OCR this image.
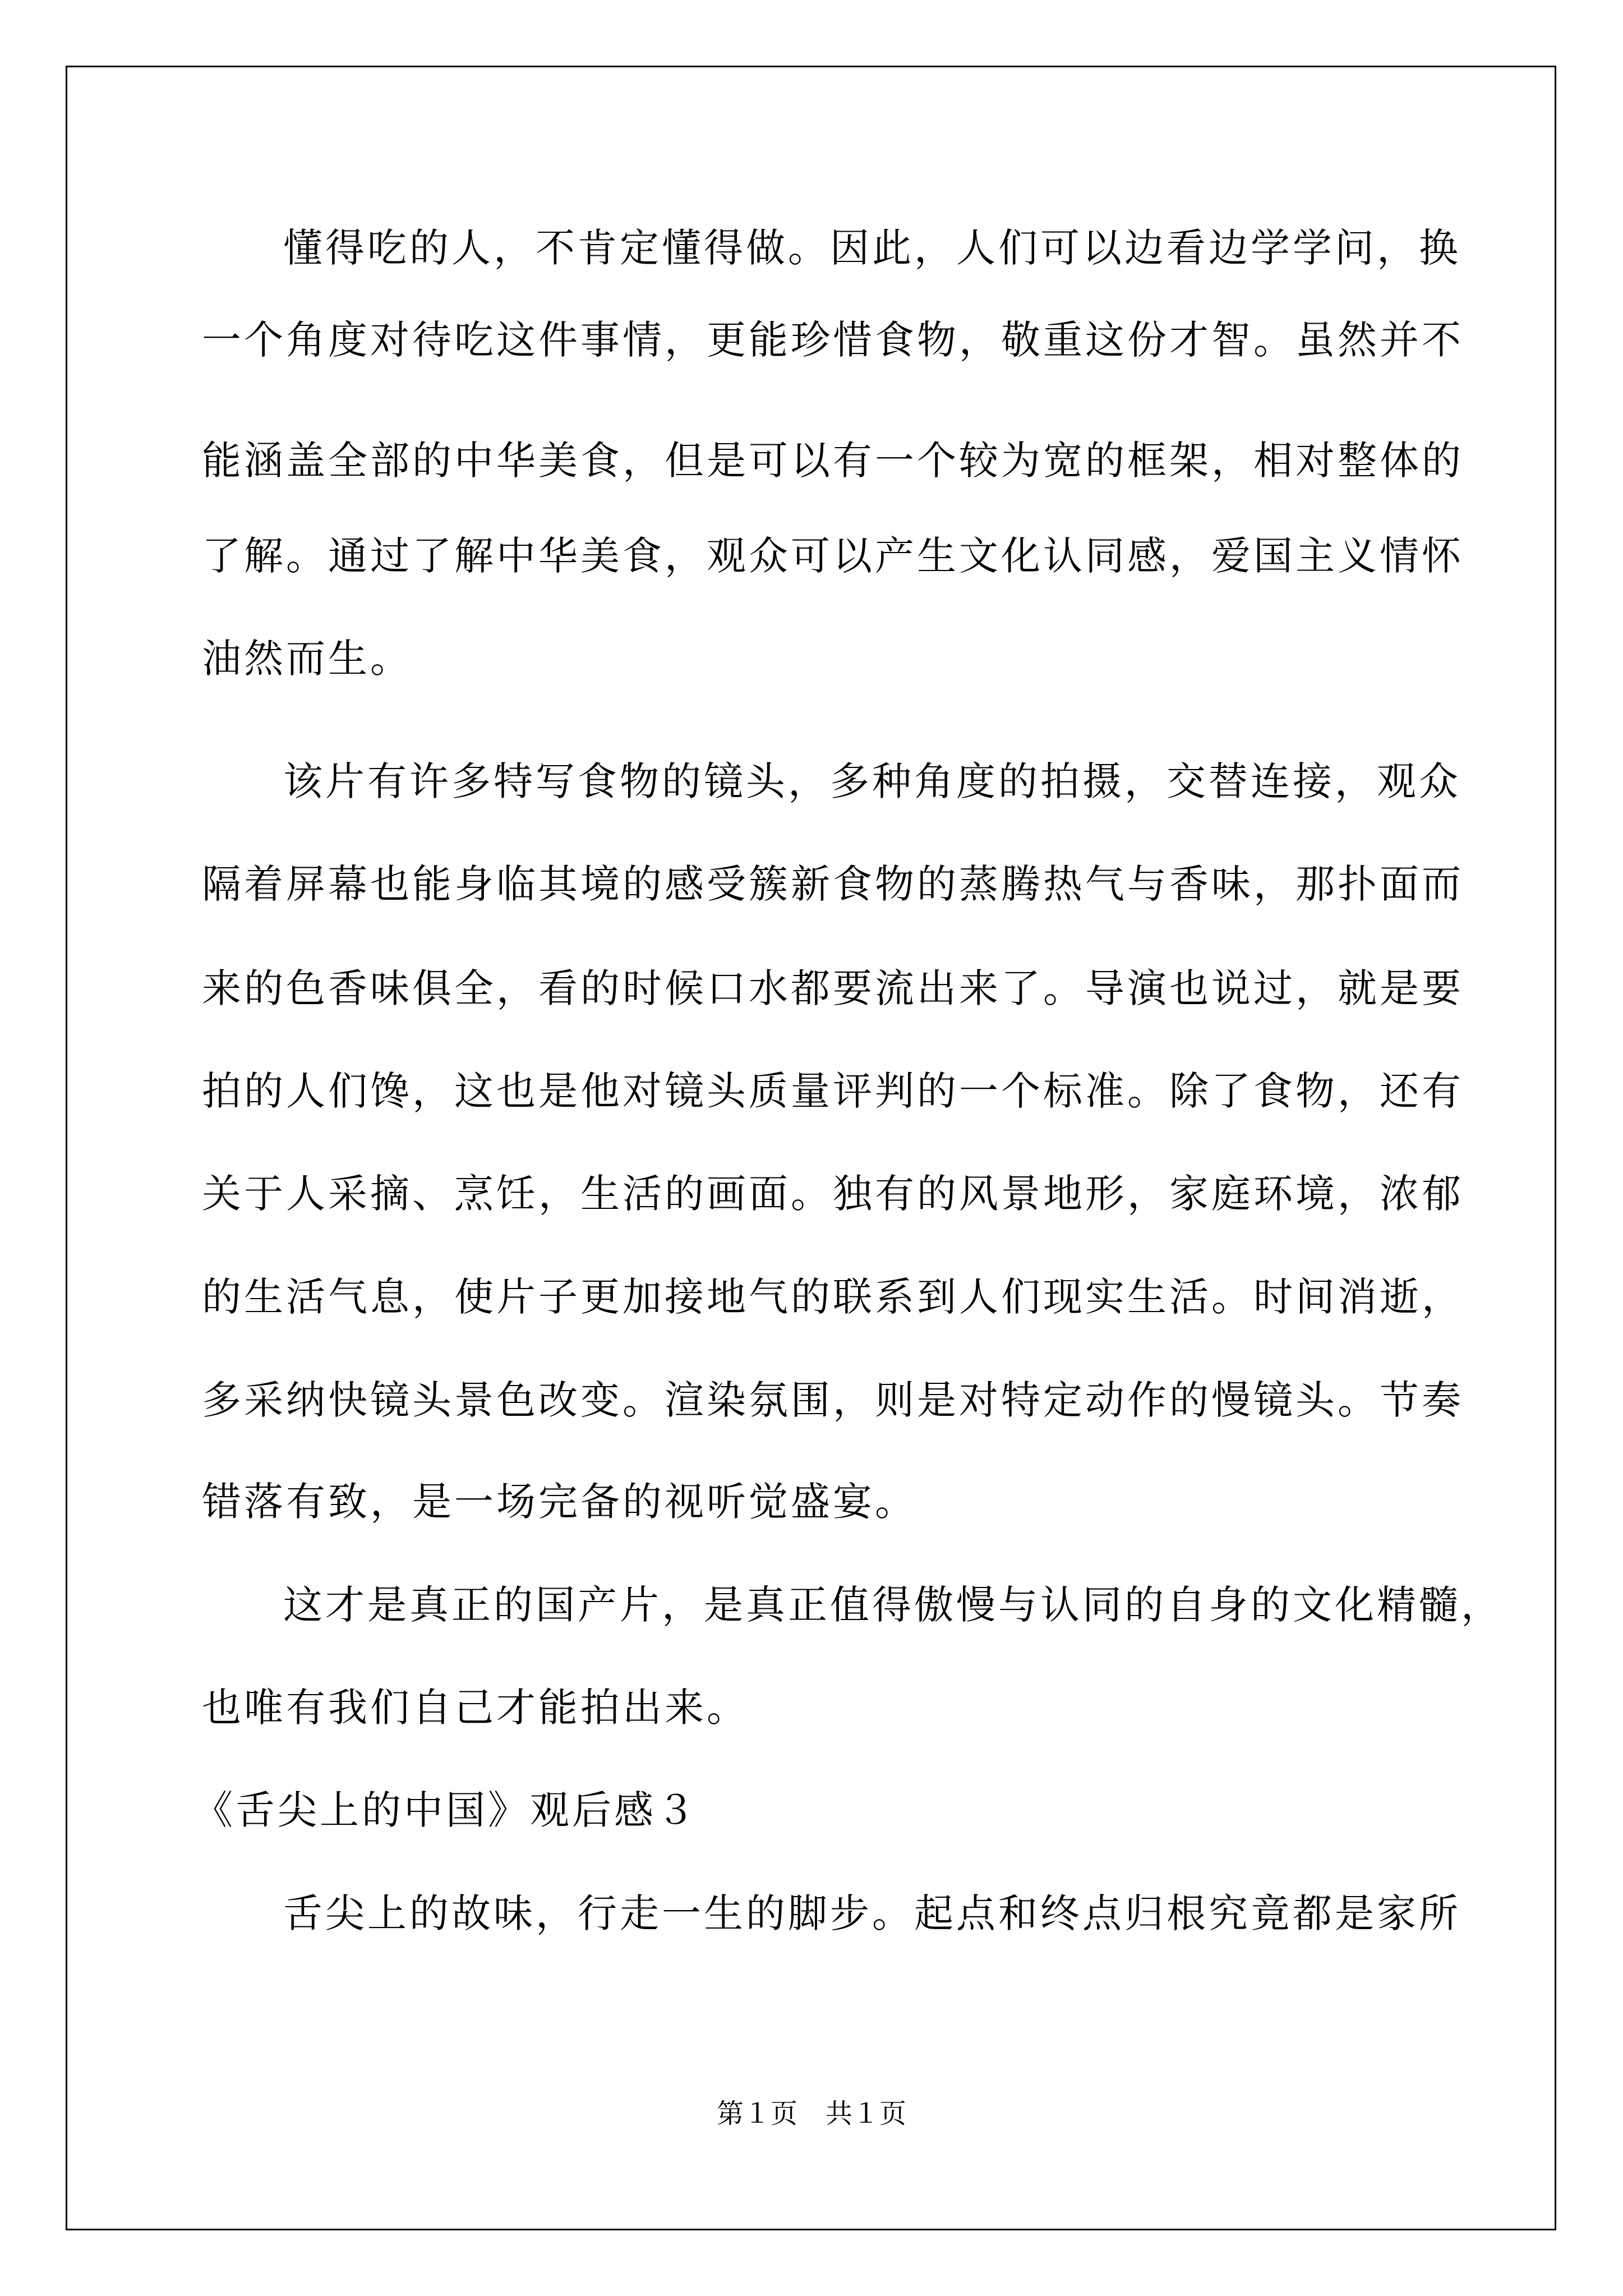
懂得吃的人，不肯定懂得做。因此，人们可以边看边学学问，换
一个角度对待吃这件事情，更能珍惜食物，敬重这份才智。虽然并不
能涵盖全部的中华美食，但是可以有一个较为宽的框架，相对整体的
了解。通过了解中华美食，观众可以产生文化认同感，爱国主义情怀
油然而生。
该片有许多特写食物的镜头，多种角度的拍摄，交替连接，观众
隔着屏幕也能身临其境的感受簇新食物的蒸腾热气与香味，那扑面而
来的色香味俱全，看的时候口水都要流出来了。导演也说过，就是要
拍的人们馋，这也是他对镜头质量评判的一个标准。除了食物，还有
关于人采摘、烹饪，生活的画面。独有的风景地形，家庭环境，浓郁
的生活气息，使片子更加接地气的联系到人们现实生活。时间消逝，
多采纳快镜头景色改变。渲染氛围，则是对特定动作的慢镜头。节奏
错落有致，是一场完备的视听觉盛宴。
这才是真正的国产片，是真正值得傲慢与认同的自身的文化精髓，
也唯有我们自己才能拍出来。
《舌尖上的中国》观后感３
舌尖上的故味，行走一生的脚步。起点和终点归根究竟都是家所
第１页 共１页
